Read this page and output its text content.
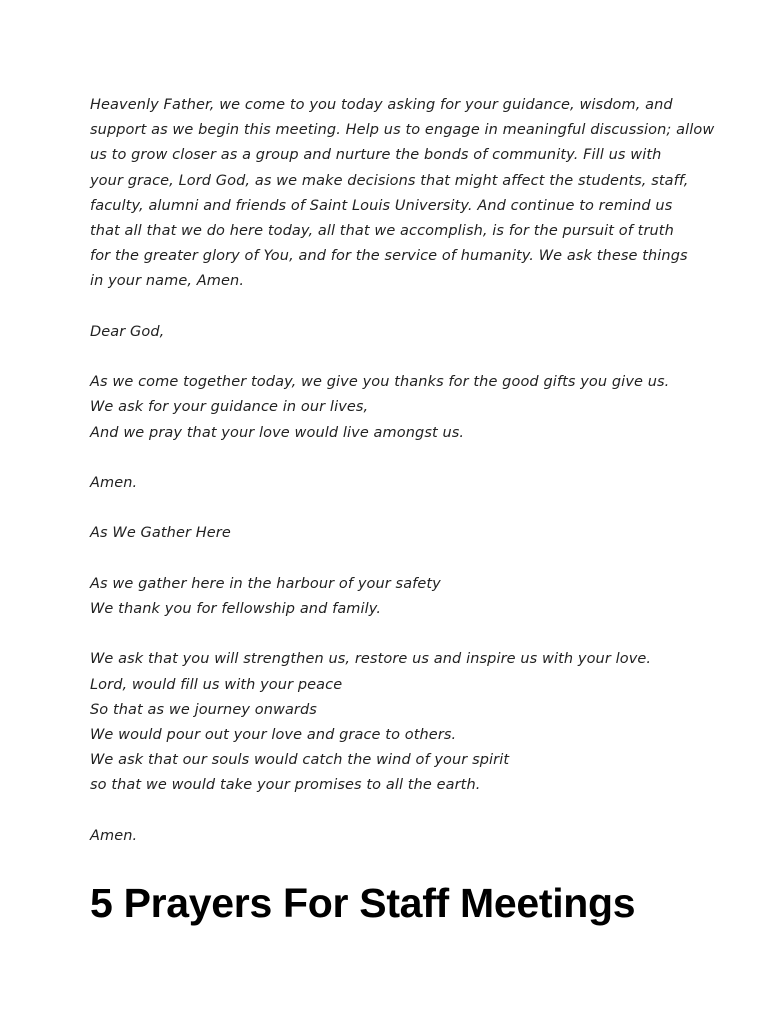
Heavenly Father, we come to you today asking for your guidance, wisdom, and
support as we begin this meeting. Help us to engage in meaningful discussion; allow
us to grow closer as a group and nurture the bonds of community. Fill us with
your grace, Lord God, as we make decisions that might affect the students, staff,
faculty, alumni and friends of Saint Louis University. And continue to remind us
that all that we do here today, all that we accomplish, is for the pursuit of truth
for the greater glory of You, and for the service of humanity. We ask these things
in your name, Amen.
Dear God,
As we come together today, we give you thanks for the good gifts you give us.
We ask for your guidance in our lives,
And we pray that your love would live amongst us.
Amen.
As We Gather Here
As we gather here in the harbour of your safety
We thank you for fellowship and family.
We ask that you will strengthen us, restore us and inspire us with your love.
Lord, would fill us with your peace
So that as we journey onwards
We would pour out your love and grace to others.
We ask that our souls would catch the wind of your spirit
so that we would take your promises to all the earth.
Amen.
5 Prayers For Staff Meetings
